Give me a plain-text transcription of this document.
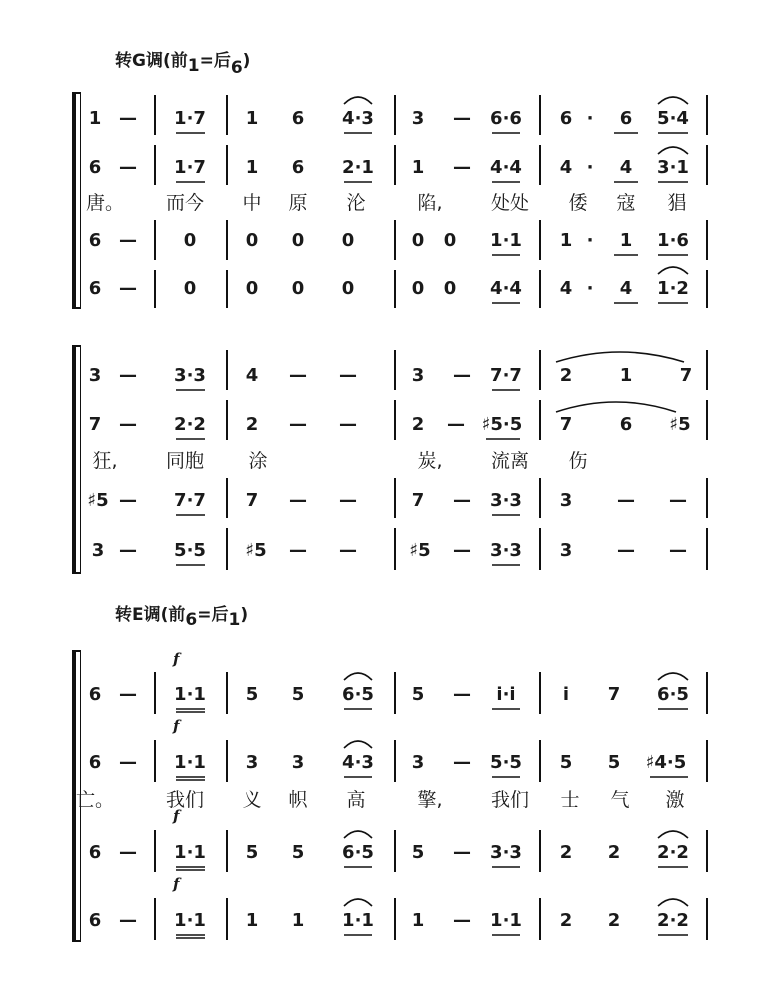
转G调(前1=后6)
1 — 1·7 1 6 4·3 3 — 6·6 6 · 6 5·4
6 — 1·7 1 6 2·1 1 — 4·4 4 · 4 3·1
唐。 而今 中 原 沦	陷,	处处 倭 寇 猖
6 —	0	0 0 0	0 0 1·1 1 · 1 1·6
6 —	0	0 0 0	0 0 4·4 4 · 4 1·2
3 — 3·3 4 — —	3 — 7·7 2	1	7
7 — 2·2 2 — —	2 — ♯5·5 7	6 ♯5
狂,	同胞 涂	炭,	流离 伤
♯5 — 7·7 7 — —	7 — 3·3 3 — —
3 — 5·5 ♯5 — —	♯5 — 3·3 3 — —
转E调(前6=后1)
f
f
f
f
6 — 1·1 5 5 6·5 5 — i·i	i 7 6·5
6 — 1·1 3 3 4·3 3 — 5·5 5 5 ♯4·5
亡。	我们 义 帜 高	擎,	我们 士 气 激
6 — 1·1 5 5 6·5 5 — 3·3 2 2 2·2
6 — 1·1 1 1 1·1 1 — 1·1 2 2 2·2
